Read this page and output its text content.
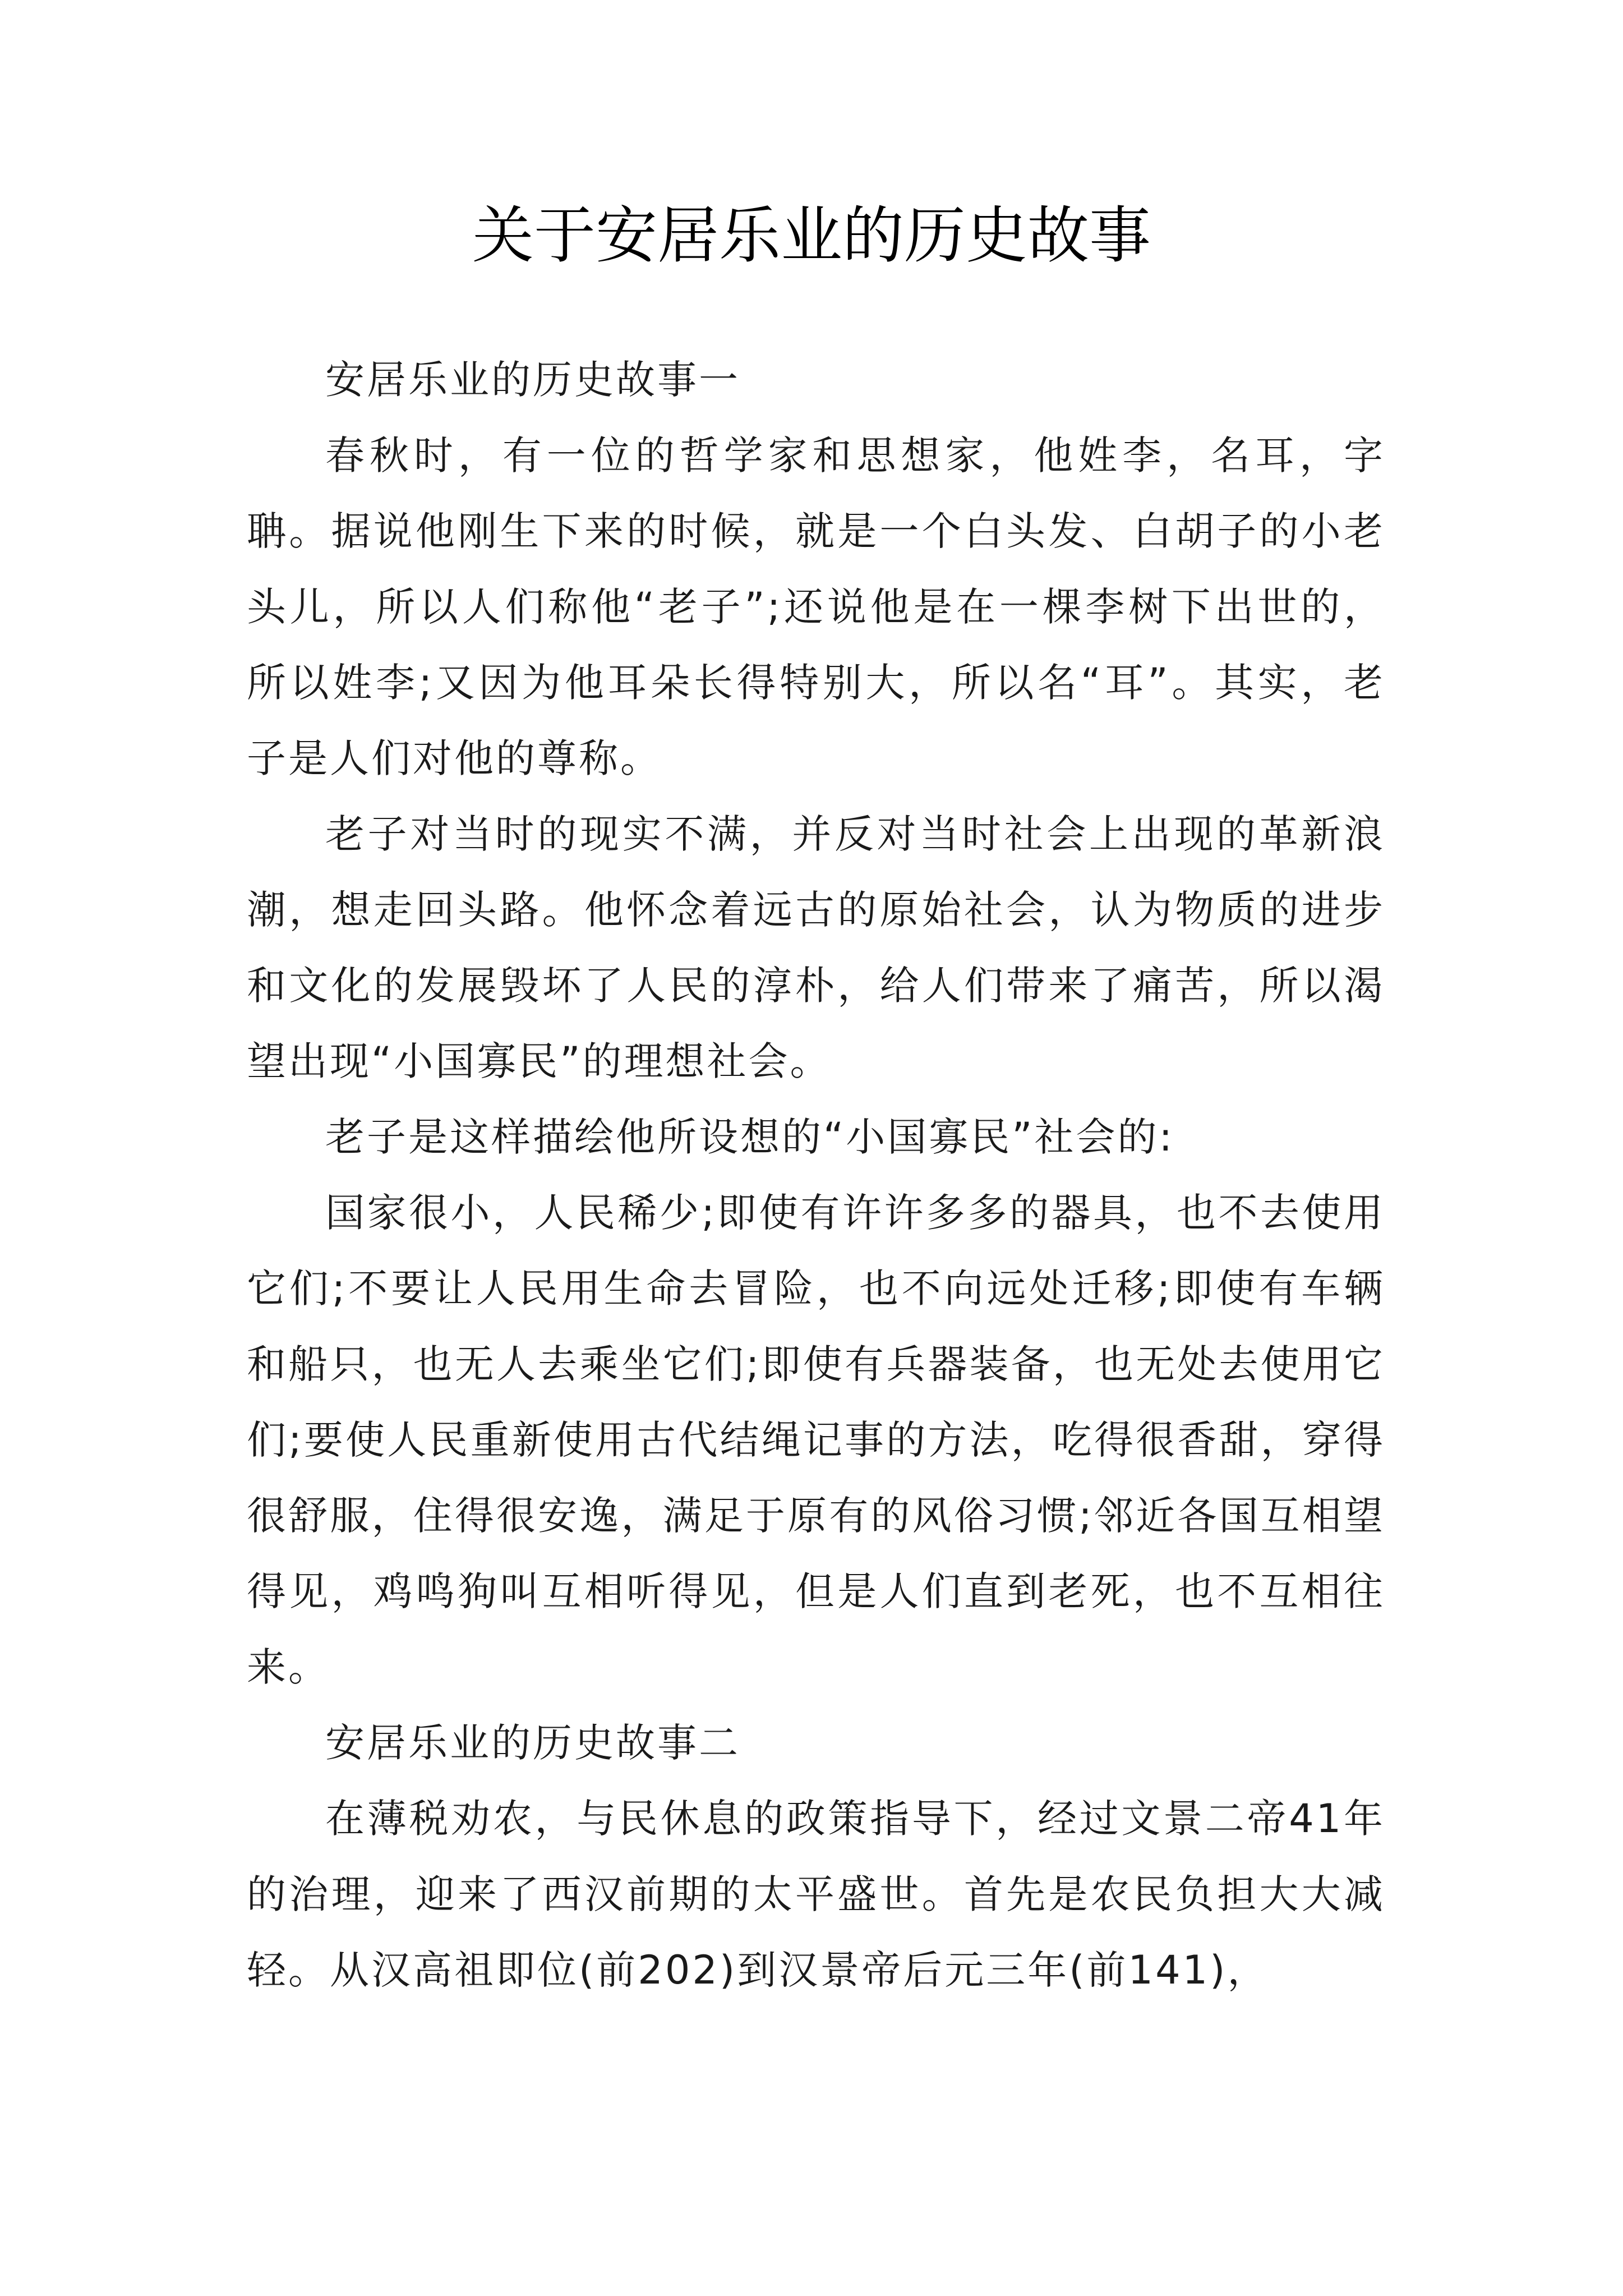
关于安居乐业的历史故事

安居乐业的历史故事一

春秋时，有一位的哲学家和思想家，他姓李，名耳，字聃。据说他刚生下来的时候，就是一个白头发、白胡子的小老头儿，所以人们称他“老子”;还说他是在一棵李树下出世的，所以姓李;又因为他耳朵长得特别大，所以名“耳”。其实，老子是人们对他的尊称。

老子对当时的现实不满，并反对当时社会上出现的革新浪潮，想走回头路。他怀念着远古的原始社会，认为物质的进步和文化的发展毁坏了人民的淳朴，给人们带来了痛苦，所以渴望出现“小国寡民”的理想社会。

老子是这样描绘他所设想的“小国寡民”社会的:

国家很小，人民稀少;即使有许许多多的器具，也不去使用它们;不要让人民用生命去冒险，也不向远处迁移;即使有车辆和船只，也无人去乘坐它们;即使有兵器装备，也无处去使用它们;要使人民重新使用古代结绳记事的方法，吃得很香甜，穿得很舒服，住得很安逸，满足于原有的风俗习惯;邻近各国互相望得见，鸡鸣狗叫互相听得见，但是人们直到老死，也不互相往来。

安居乐业的历史故事二

在薄税劝农，与民休息的政策指导下，经过文景二帝41年的治理，迎来了西汉前期的太平盛世。首先是农民负担大大减轻。从汉高祖即位(前202)到汉景帝后元三年(前141)，
